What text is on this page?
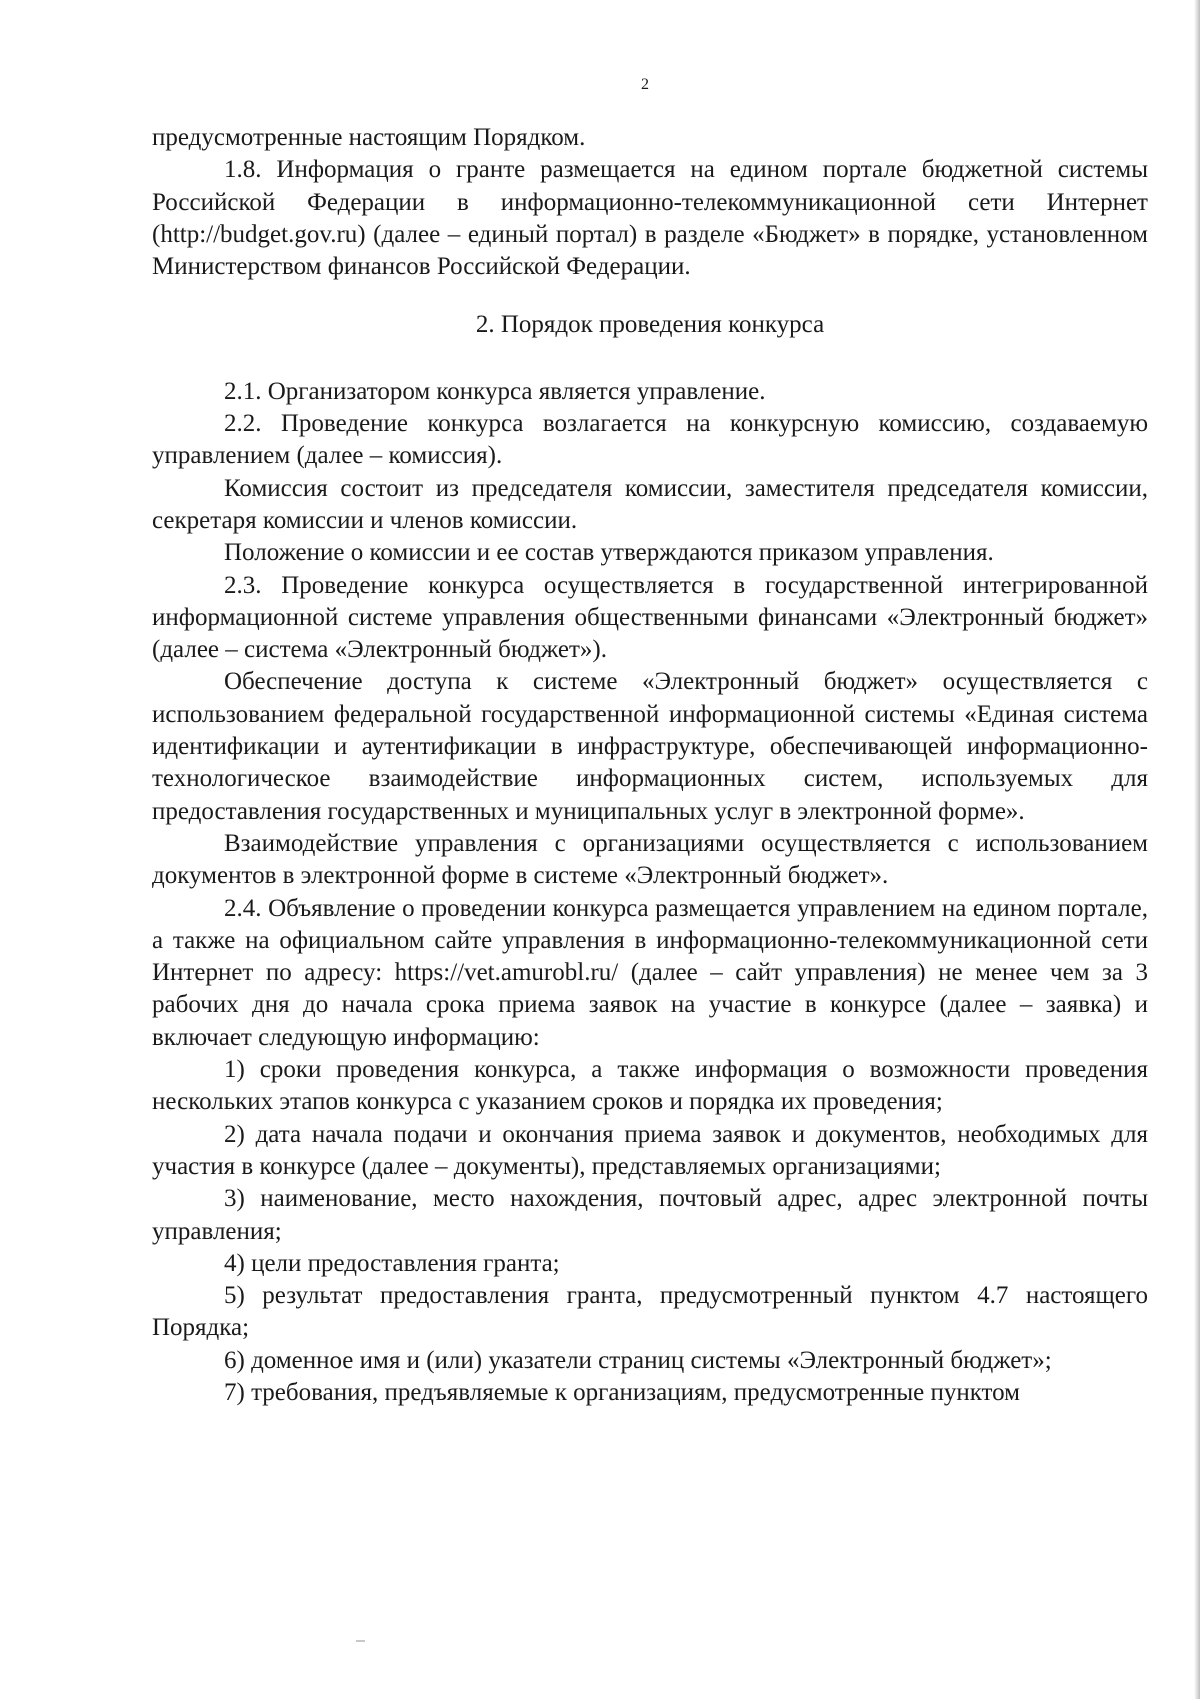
2

предусмотренные настоящим Порядком.

1.8. Информация о гранте размещается на едином портале бюджетной системы Российской Федерации в информационно-телекоммуникационной сети Интернет (http://budget.gov.ru) (далее – единый портал) в разделе «Бюджет» в порядке, установленном Министерством финансов Российской Федерации.

2. Порядок проведения конкурса

2.1. Организатором конкурса является управление.

2.2. Проведение конкурса возлагается на конкурсную комиссию, создаваемую управлением (далее – комиссия).

Комиссия состоит из председателя комиссии, заместителя председателя комиссии, секретаря комиссии и членов комиссии.

Положение о комиссии и ее состав утверждаются приказом управления.

2.3. Проведение конкурса осуществляется в государственной интегрированной информационной системе управления общественными финансами «Электронный бюджет» (далее – система «Электронный бюджет»).

Обеспечение доступа к системе «Электронный бюджет» осуществляется с использованием федеральной государственной информационной системы «Единая система идентификации и аутентификации в инфраструктуре, обеспечивающей информационно-технологическое взаимодействие информационных систем, используемых для предоставления государственных и муниципальных услуг в электронной форме».

Взаимодействие управления с организациями осуществляется с использованием документов в электронной форме в системе «Электронный бюджет».

2.4. Объявление о проведении конкурса размещается управлением на едином портале, а также на официальном сайте управления в информационно-телекоммуникационной сети Интернет по адресу: https://vet.amurobl.ru/ (далее – сайт управления) не менее чем за 3 рабочих дня до начала срока приема заявок на участие в конкурсе (далее – заявка) и включает следующую информацию:

1) сроки проведения конкурса, а также информация о возможности проведения нескольких этапов конкурса с указанием сроков и порядка их проведения;

2) дата начала подачи и окончания приема заявок и документов, необходимых для участия в конкурсе (далее – документы), представляемых организациями;

3) наименование, место нахождения, почтовый адрес, адрес электронной почты управления;

4) цели предоставления гранта;

5) результат предоставления гранта, предусмотренный пунктом 4.7 настоящего Порядка;

6) доменное имя и (или) указатели страниц системы «Электронный бюджет»;

7) требования, предъявляемые к организациям, предусмотренные пунктом
